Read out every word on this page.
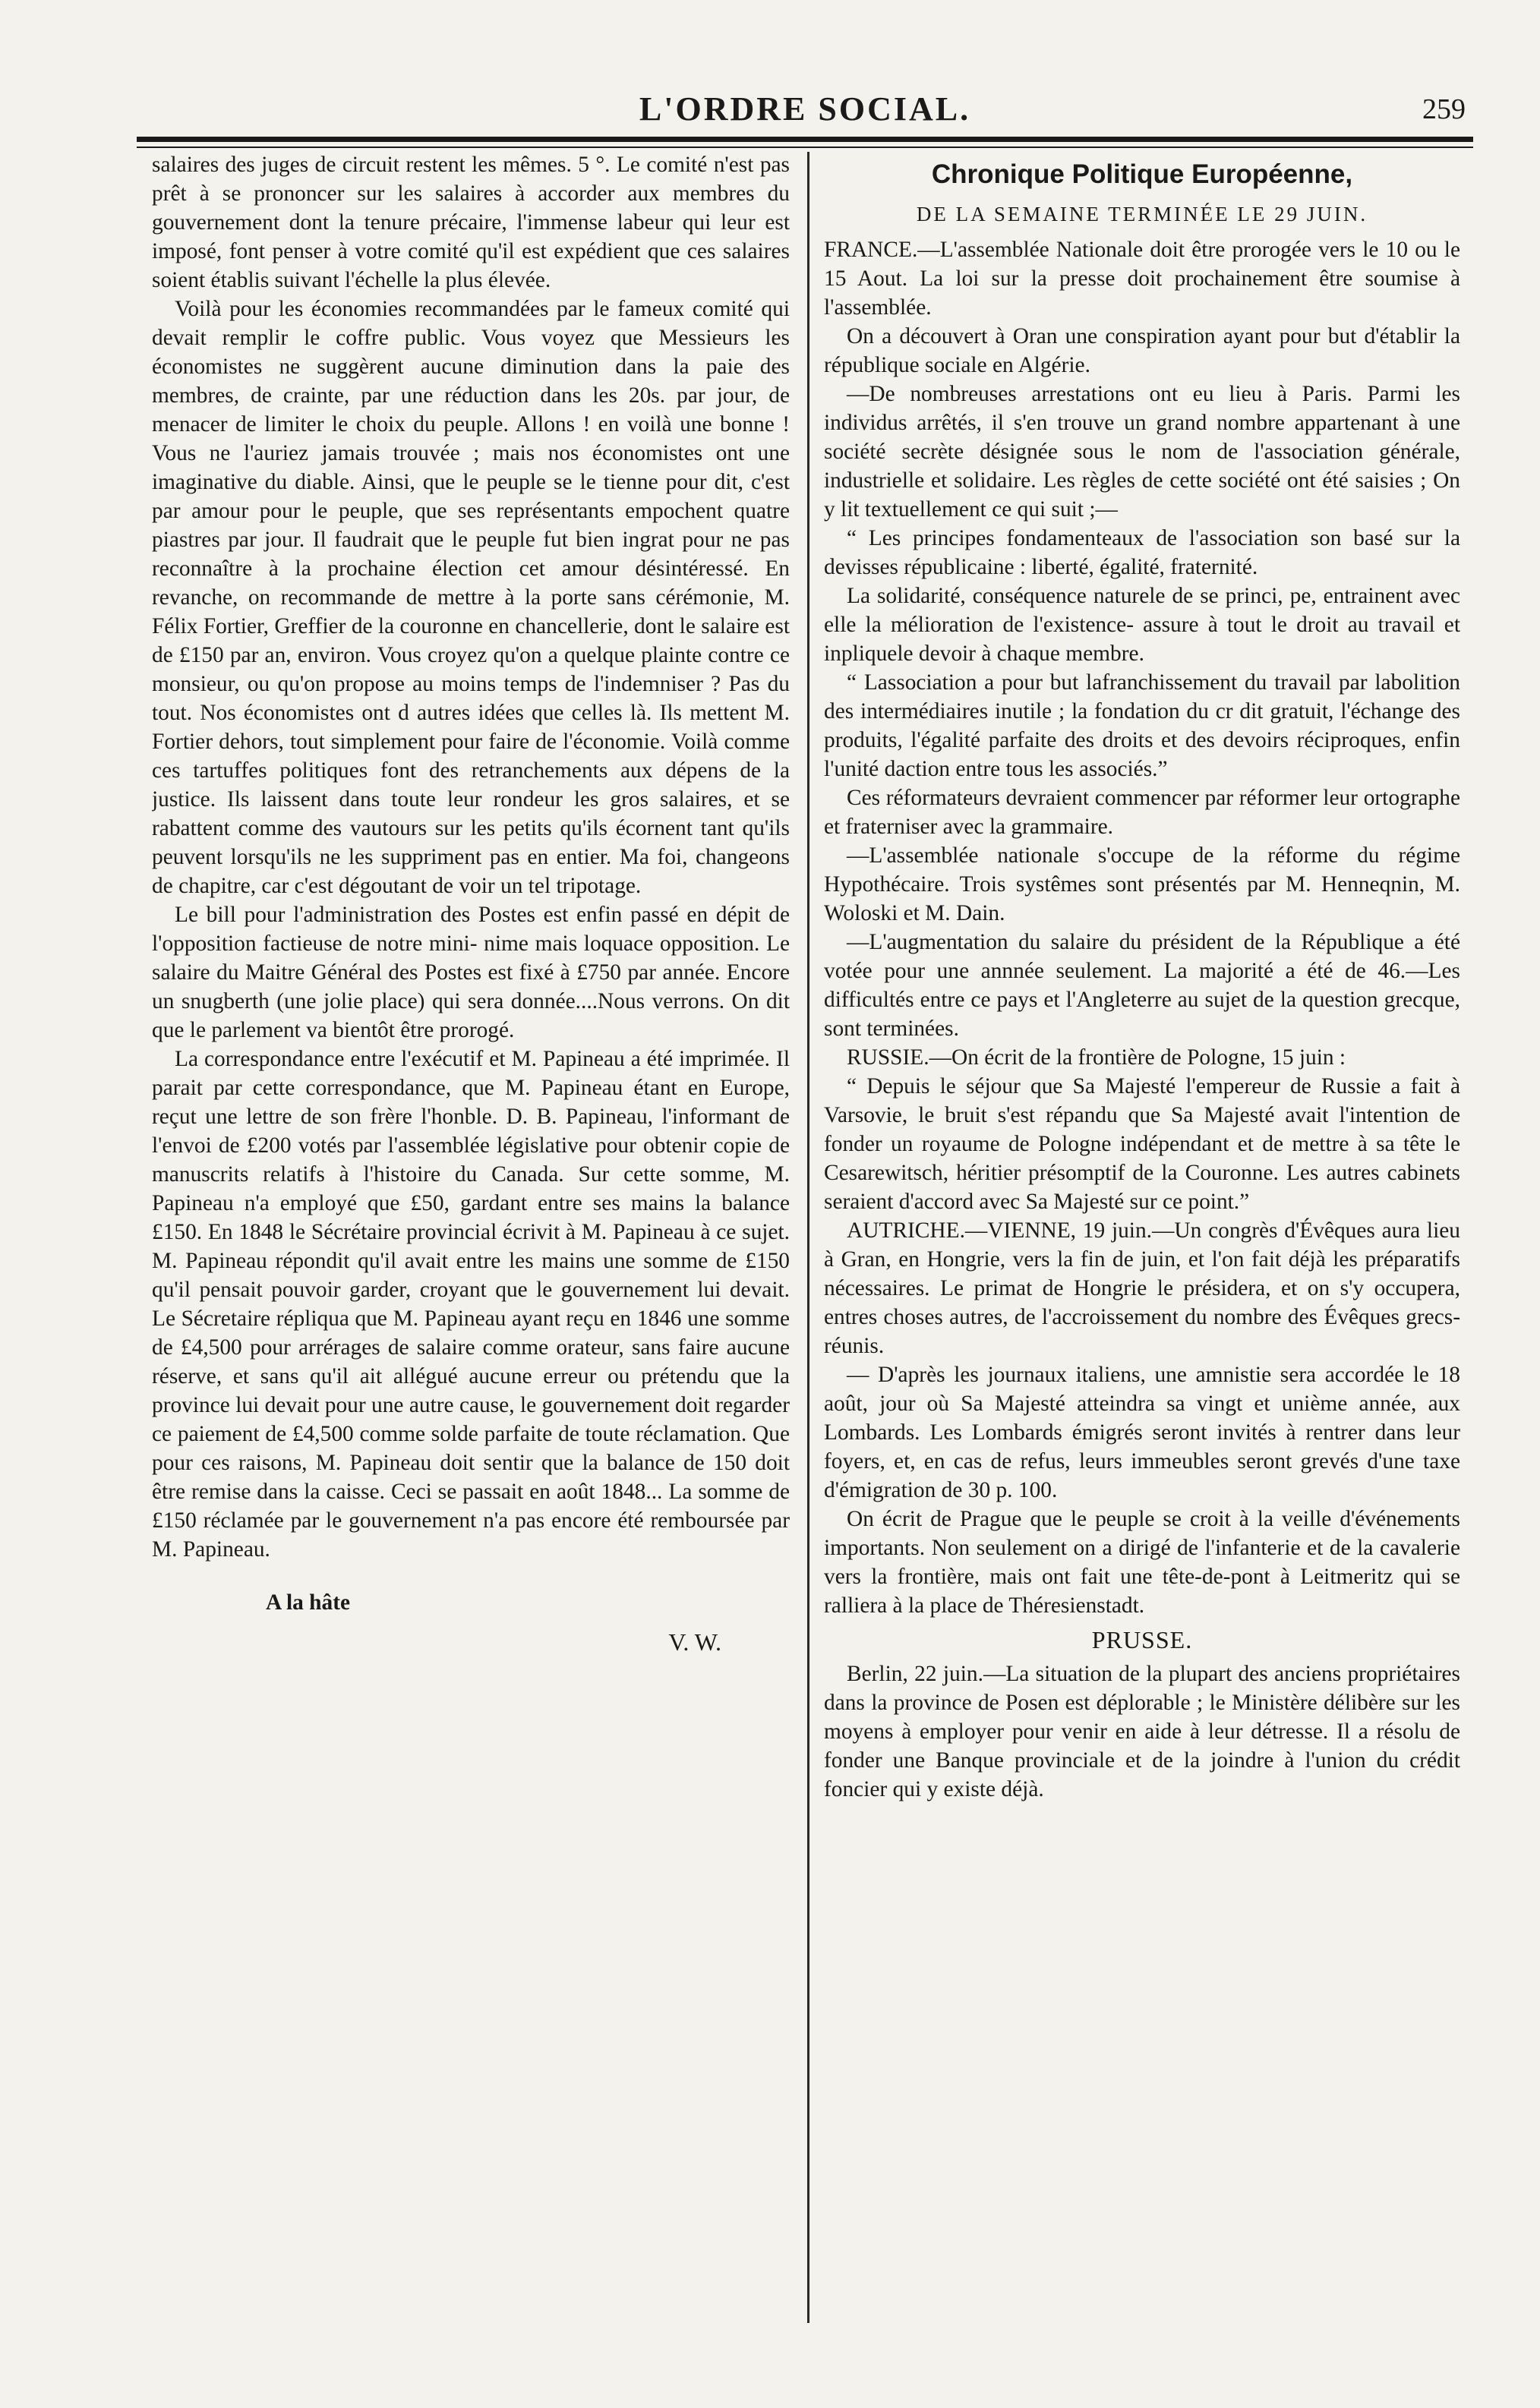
L'ORDRE SOCIAL.	259

salaires des juges de circuit restent les mêmes. 5 °. Le comité n'est pas prêt à se prononcer sur les salaires à accorder aux membres du gouvernement dont la tenure précaire, l'immense labeur qui leur est imposé, font penser à votre comité qu'il est expédient que ces salaires soient établis suivant l'échelle la plus élevée.

Voilà pour les économies recommandées par le fameux comité qui devait remplir le coffre public. Vous voyez que Messieurs les économistes ne suggèrent aucune diminution dans la paie des membres, de crainte, par une réduction dans les 20s. par jour, de menacer de limiter le choix du peuple. Allons ! en voilà une bonne ! Vous ne l'auriez jamais trouvée ; mais nos économistes ont une imaginative du diable. Ainsi, que le peuple se le tienne pour dit, c'est par amour pour le peuple, que ses représentants empochent quatre piastres par jour. Il faudrait que le peuple fut bien ingrat pour ne pas reconnaître à la prochaine élection cet amour désintéressé. En revanche, on recommande de mettre à la porte sans cérémonie, M. Félix Fortier, Greffier de la couronne en chancellerie, dont le salaire est de £150 par an, environ. Vous croyez qu'on a quelque plainte contre ce monsieur, ou qu'on propose au moins temps de l'indemniser ? Pas du tout. Nos économistes ont d autres idées que celles là. Ils mettent M. Fortier dehors, tout simplement pour faire de l'économie. Voilà comme ces tartuffes politiques font des retranchements aux dépens de la justice. Ils laissent dans toute leur rondeur les gros salaires, et se rabattent comme des vautours sur les petits qu'ils écornent tant qu'ils peuvent lorsqu'ils ne les suppriment pas en entier. Ma foi, changeons de chapitre, car c'est dégoutant de voir un tel tripotage.

Le bill pour l'administration des Postes est enfin passé en dépit de l'opposition factieuse de notre mini- nime mais loquace opposition. Le salaire du Maitre Général des Postes est fixé à £750 par année. Encore un snugberth (une jolie place) qui sera donnée....Nous verrons. On dit que le parlement va bientôt être prorogé.

La correspondance entre l'exécutif et M. Papineau a été imprimée. Il parait par cette correspondance, que M. Papineau étant en Europe, reçut une lettre de son frère l'honble. D. B. Papineau, l'informant de l'envoi de £200 votés par l'assemblée législative pour obtenir copie de manuscrits relatifs à l'histoire du Canada. Sur cette somme, M. Papineau n'a employé que £50, gardant entre ses mains la balance £150. En 1848 le Sécrétaire provincial écrivit à M. Papineau à ce sujet. M. Papineau répondit qu'il avait entre les mains une somme de £150 qu'il pensait pouvoir garder, croyant que le gouvernement lui devait. Le Sécretaire répliqua que M. Papineau ayant reçu en 1846 une somme de £4,500 pour arrérages de salaire comme orateur, sans faire aucune réserve, et sans qu'il ait allégué aucune erreur ou prétendu que la province lui devait pour une autre cause, le gouvernement doit regarder ce paiement de £4,500 comme solde parfaite de toute réclamation. Que pour ces raisons, M. Papineau doit sentir que la balance de 150 doit être remise dans la caisse. Ceci se passait en août 1848... La somme de £150 réclamée par le gouvernement n'a pas encore été remboursée par M. Papineau.

A la hâte
V. W.
Chronique Politique Européenne,
DE LA SEMAINE TERMINÉE LE 29 JUIN.

FRANCE.—L'assemblée Nationale doit être prorogée vers le 10 ou le 15 Aout. La loi sur la presse doit prochainement être soumise à l'assemblée.

On a découvert à Oran une conspiration ayant pour but d'établir la république sociale en Algérie.

—De nombreuses arrestations ont eu lieu à Paris. Parmi les individus arrêtés, il s'en trouve un grand nombre appartenant à une société secrète désignée sous le nom de l'association générale, industrielle et solidaire. Les règles de cette société ont été saisies ; On y lit textuellement ce qui suit ;—

“ Les principes fondamenteaux de l'association son basé sur la devisses républicaine : liberté, égalité, fraternité.

La solidarité, conséquence naturele de se princi, pe, entrainent avec elle la mélioration de l'existence- assure à tout le droit au travail et inpliquele devoir à chaque membre.

“ Lassociation a pour but lafranchissement du travail par labolition des intermédiaires inutile ; la fondation du cr dit gratuit, l'échange des produits, l'égalité parfaite des droits et des devoirs réciproques, enfin l'unité daction entre tous les associés.”

Ces réformateurs devraient commencer par réformer leur ortographe et fraterniser avec la grammaire.

—L'assemblée nationale s'occupe de la réforme du régime Hypothécaire. Trois systêmes sont présentés par M. Henneqnin, M. Woloski et M. Dain.

—L'augmentation du salaire du président de la République a été votée pour une annnée seulement. La majorité a été de 46.—Les difficultés entre ce pays et l'Angleterre au sujet de la question grecque, sont terminées.

RUSSIE.—On écrit de la frontière de Pologne, 15 juin :

“ Depuis le séjour que Sa Majesté l'empereur de Russie a fait à Varsovie, le bruit s'est répandu que Sa Majesté avait l'intention de fonder un royaume de Pologne indépendant et de mettre à sa tête le Cesarewitsch, héritier présomptif de la Couronne. Les autres cabinets seraient d'accord avec Sa Majesté sur ce point.”

AUTRICHE.—VIENNE, 19 juin.—Un congrès d'Évêques aura lieu à Gran, en Hongrie, vers la fin de juin, et l'on fait déjà les préparatifs nécessaires. Le primat de Hongrie le présidera, et on s'y occupera, entres choses autres, de l'accroissement du nombre des Évêques grecs-réunis.

— D'après les journaux italiens, une amnistie sera accordée le 18 août, jour où Sa Majesté atteindra sa vingt et unième année, aux Lombards. Les Lombards émigrés seront invités à rentrer dans leur foyers, et, en cas de refus, leurs immeubles seront grevés d'une taxe d'émigration de 30 p. 100.

On écrit de Prague que le peuple se croit à la veille d'événements importants. Non seulement on a dirigé de l'infanterie et de la cavalerie vers la frontière, mais ont fait une tête-de-pont à Leitmeritz qui se ralliera à la place de Théresienstadt.

PRUSSE.

Berlin, 22 juin.—La situation de la plupart des anciens propriétaires dans la province de Posen est déplorable ; le Ministère délibère sur les moyens à employer pour venir en aide à leur détresse. Il a résolu de fonder une Banque provinciale et de la joindre à l'union du crédit foncier qui y existe déjà.
